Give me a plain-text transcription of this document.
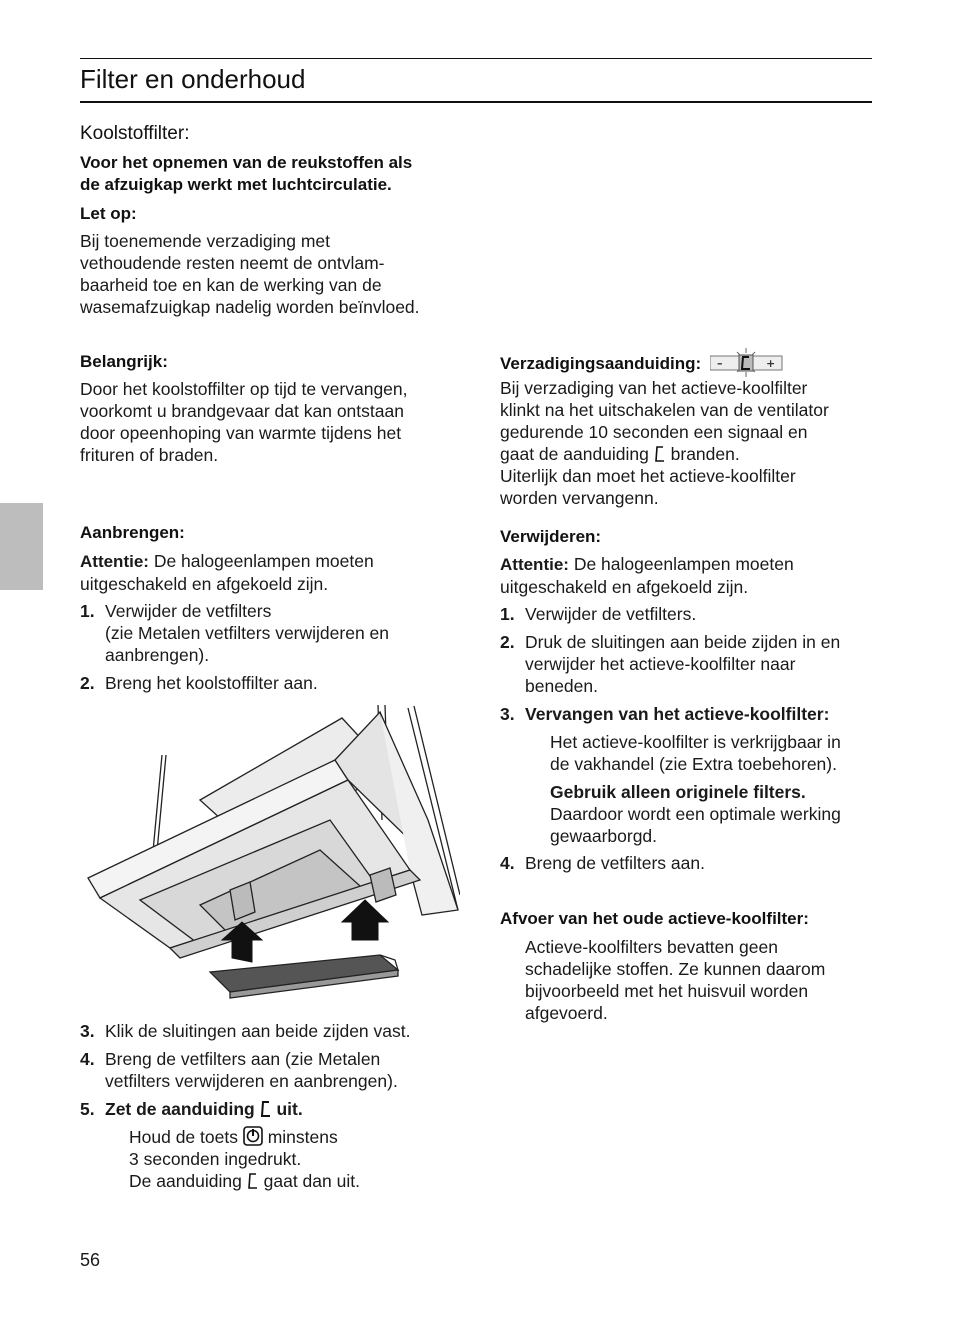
Filter en onderhoud
Koolstoffilter:
Voor het opnemen van de reukstoffen als
de afzuigkap werkt met luchtcirculatie.
Let op:
Bij toenemende verzadiging met
vethoudende resten neemt de ontvlam-
baarheid toe en kan de werking van de
wasemafzuigkap nadelig worden beïnvloed.
Belangrijk:
Door het koolstoffilter op tijd te vervangen,
voorkomt u brandgevaar dat kan ontstaan
door opeenhoping van warmte tijdens het
frituren of braden.
Aanbrengen:
Attentie: De halogeenlampen moeten
uitgeschakeld en afgekoeld zijn.
1. Verwijder de vetfilters
(zie Metalen vetfilters verwijderen en
aanbrengen).
2. Breng het koolstoffilter aan.
3. Klik de sluitingen aan beide zijden vast.
4. Breng de vetfilters aan (zie Metalen
vetfilters verwijderen en aanbrengen).
5. Zet de aanduiding uit.
Houd de toets minstens
3 seconden ingedrukt.
De aanduiding gaat dan uit.
Verzadigingsaanduiding: –	+
Bij verzadiging van het actieve-koolfilter
klinkt na het uitschakelen van de ventilator
gedurende 10 seconden een signaal en
gaat de aanduiding branden.
Uiterlijk dan moet het actieve-koolfilter
worden vervangenn.
Verwijderen:
Attentie: De halogeenlampen moeten
uitgeschakeld en afgekoeld zijn.
1. Verwijder de vetfilters.
2. Druk de sluitingen aan beide zijden in en
verwijder het actieve-koolfilter naar
beneden.
3. Vervangen van het actieve-koolfilter:
Het actieve-koolfilter is verkrijgbaar in
de vakhandel (zie Extra toebehoren).
Gebruik alleen originele filters.
Daardoor wordt een optimale werking
gewaarborgd.
4. Breng de vetfilters aan.
Afvoer van het oude actieve-koolfilter:
Actieve-koolfilters bevatten geen
schadelijke stoffen. Ze kunnen daarom
bijvoorbeeld met het huisvuil worden
afgevoerd.
56
